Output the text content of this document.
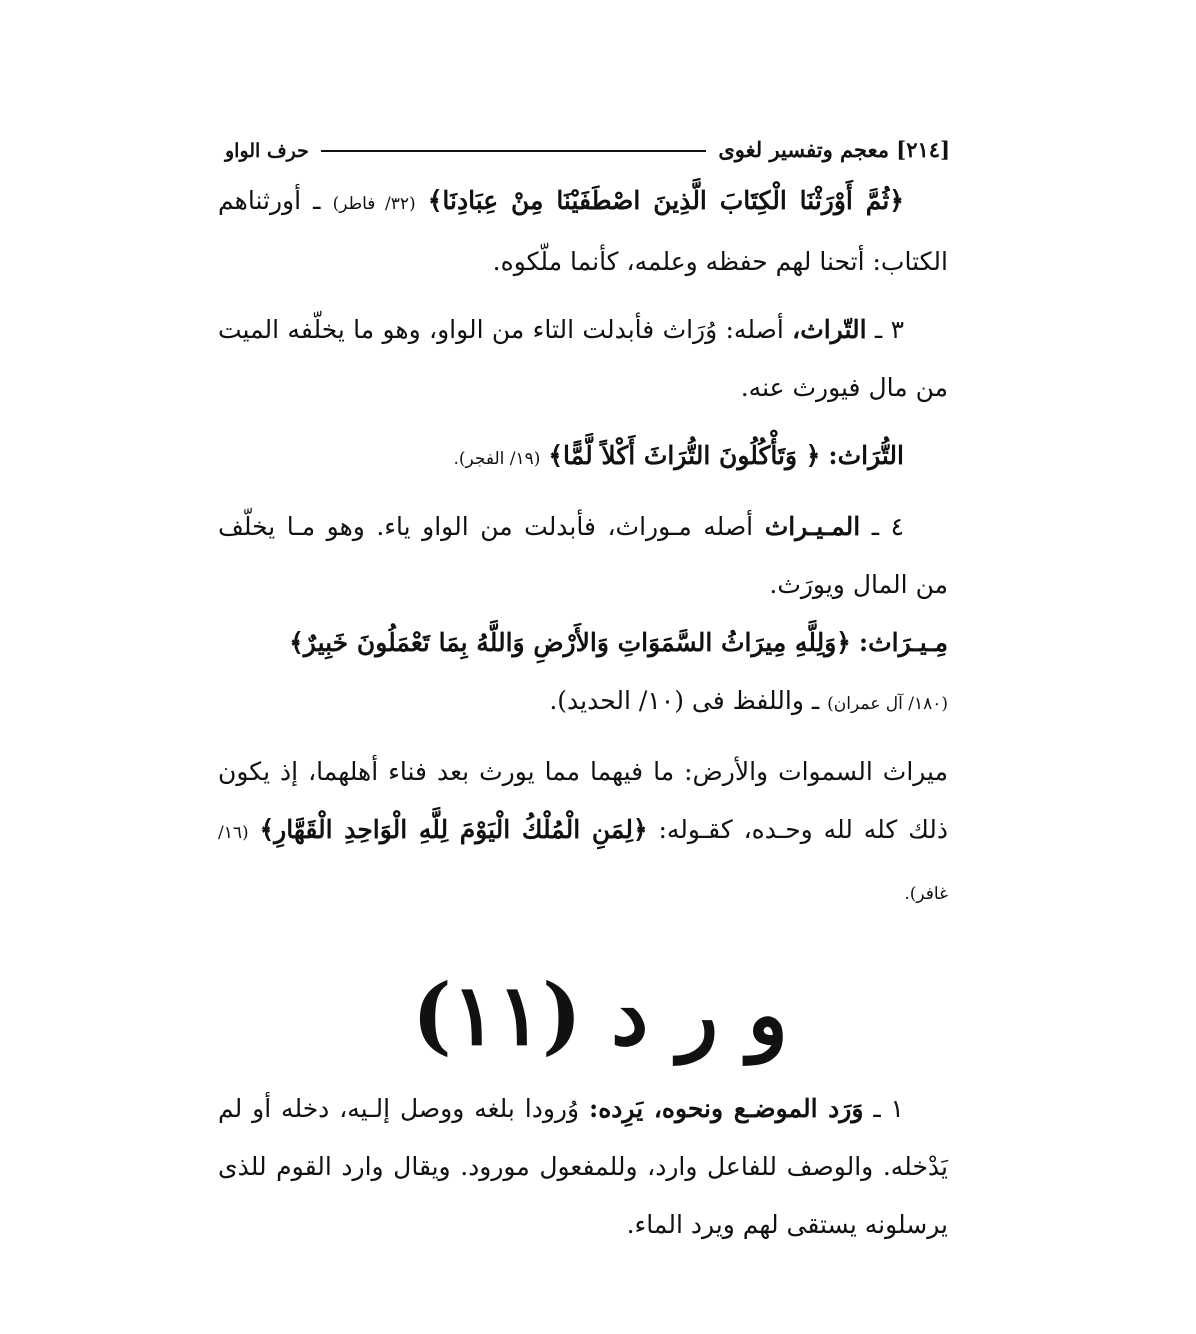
[٢١٤] معجم وتفسير لغوى
حرف الواو

﴿ثُمَّ أَوْرَثْنَا الْكِتَابَ الَّذِينَ اصْطَفَيْنَا مِنْ عِبَادِنَا﴾ (٣٢/ فاطر) ـ أورثناهم الكتاب: أتحنا لهم حفظه وعلمه، كأنما ملّكوه.

٣ ـ التّراث، أصله: وُرَاث فأبدلت التاء من الواو، وهو ما يخلّفه الميت من مال فيورث عنه.

التُّرَاث: ﴿ وَتَأْكُلُونَ التُّرَاثَ أَكْلاً لَّمًّا﴾ (١٩/ الفجر).

٤ ـ المـيـراث أصله مـوراث، فأبدلت من الواو ياء. وهو مـا يخلّف من المال ويورَث.

مِـيـرَاث: ﴿وَلِلَّهِ مِيرَاثُ السَّمَوَاتِ وَالأَرْضِ وَاللَّهُ بِمَا تَعْمَلُونَ خَبِيرٌ﴾
(١٨٠/ آل عمران) ـ واللفظ فى (١٠/ الحديد).

ميراث السموات والأرض: ما فيهما مما يورث بعد فناء أهلهما، إذ يكون ذلك كله لله وحـده، كقـوله: ﴿لِمَنِ الْمُلْكُ الْيَوْمَ لِلَّهِ الْوَاحِدِ الْقَهَّارِ﴾ (١٦/ غافر).

و ر د (١١)

١ ـ وَرَد الموضـع ونحوه، يَرِده: وُرودا بلغه ووصل إلـيه، دخله أو لم يَدْخله. والوصف للفاعل وارد، وللمفعول مورود. ويقال وارد القوم للذى يرسلونه يستقى لهم ويرد الماء.
